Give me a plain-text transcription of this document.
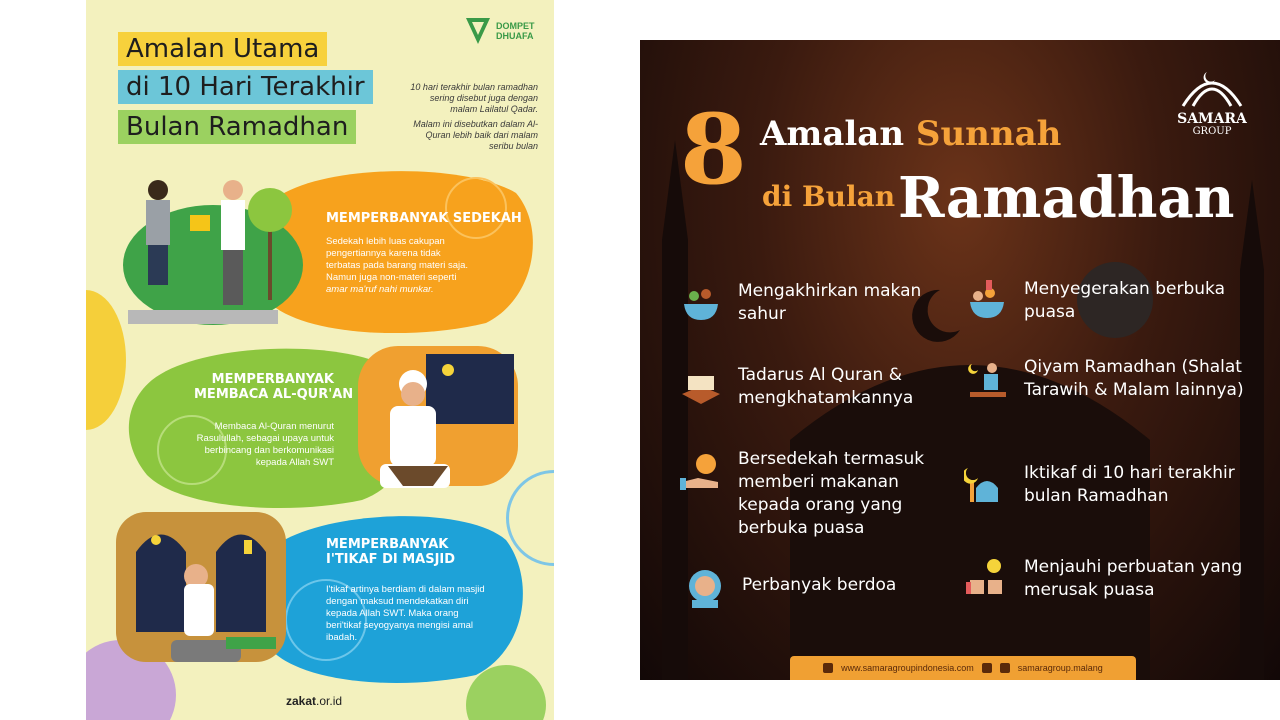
DOMPET DHUAFA
Amalan Utama
di 10 Hari Terakhir
Bulan Ramadhan

10 hari terakhir bulan ramadhan sering disebut juga dengan malam Lailatul Qadar.

Malam ini disebutkan dalam Al-Quran lebih baik dari malam seribu bulan

MEMPERBANYAK SEDEKAH
Sedekah lebih luas cakupan pengertiannya karena tidak terbatas pada barang materi saja. Namun juga non-materi seperti amar ma'ruf nahi munkar.
MEMPERBANYAK
MEMBACA AL-QUR'AN
Membaca Al-Quran menurut Rasulullah, sebagai upaya untuk berbincang dan berkomunikasi kepada Allah SWT
MEMPERBANYAK
I'TIKAF DI MASJID
I'tikaf artinya berdiam di dalam masjid dengan maksud mendekatkan diri kepada Allah SWT. Maka orang beri'tikaf seyogyanya mengisi amal ibadah.
zakat.or.id
8 Amalan Sunnah
di Bulan Ramadhan
SAMARA
GROUP
Mengakhirkan makan sahur
Menyegerakan berbuka puasa
Tadarus Al Quran & mengkhatamkannya
Qiyam Ramadhan (Shalat Tarawih & Malam lainnya)
Bersedekah termasuk memberi makanan kepada orang yang berbuka puasa
Iktikaf di 10 hari terakhir bulan Ramadhan
Perbanyak berdoa
Menjauhi perbuatan yang merusak puasa
www.samaragroupindonesia.com	samaragroup.malang
